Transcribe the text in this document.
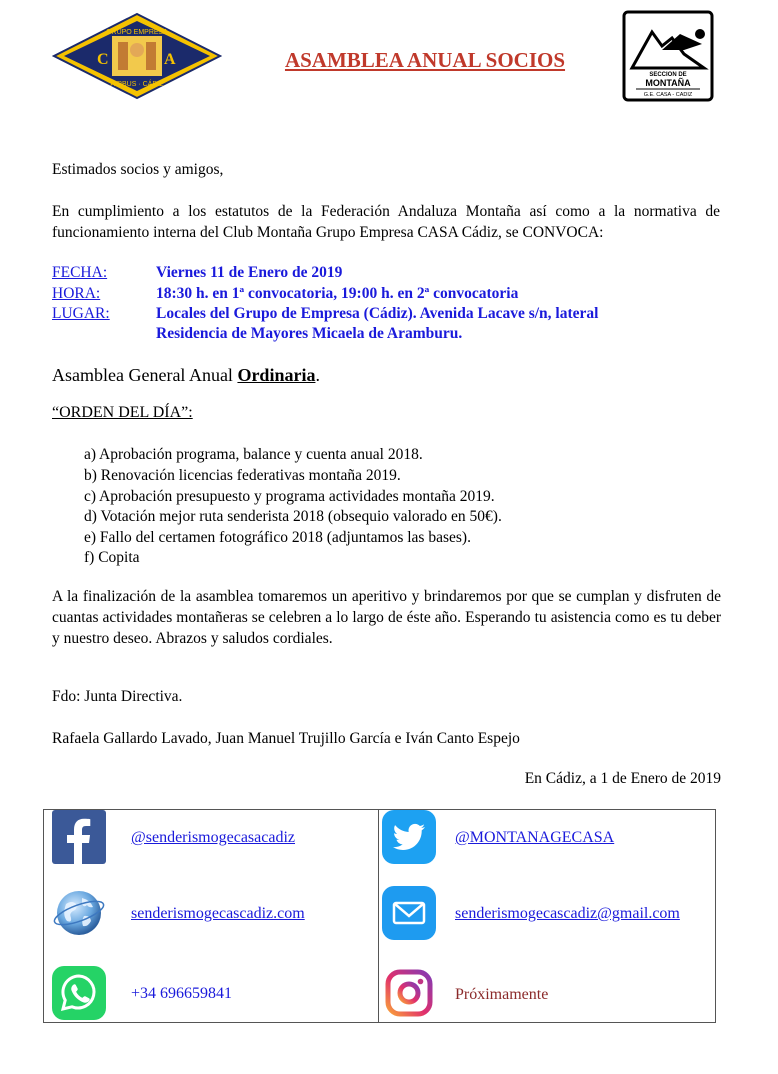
GRUPO EMPRESA
C	A
AIRBUS · CÁDIZ
ASAMBLEA ANUAL SOCIOS
SECCION DE
MONTAÑA
G.E. CASA - CADIZ
Estimados socios y amigos,
En cumplimiento a los estatutos de la Federación Andaluza Montaña así como a la normativa de funcionamiento interna del Club Montaña Grupo Empresa CASA Cádiz, se CONVOCA:
FECHA:	Viernes 11 de Enero de 2019
HORA:	18:30 h. en 1ª convocatoria, 19:00 h. en 2ª convocatoria
LUGAR:	Locales del Grupo de Empresa (Cádiz). Avenida Lacave s/n, lateral
Residencia de Mayores Micaela de Aramburu.
Asamblea General Anual Ordinaria.
“ORDEN DEL DÍA”:
a) Aprobación programa, balance y cuenta anual 2018.
b) Renovación licencias federativas montaña 2019.
c) Aprobación presupuesto y programa actividades montaña 2019.
d) Votación mejor ruta senderista 2018 (obsequio valorado en 50€).
e) Fallo del certamen fotográfico 2018 (adjuntamos las bases).
f) Copita
A la finalización de la asamblea tomaremos un aperitivo y brindaremos por que se cumplan y disfruten de cuantas actividades montañeras se celebren a lo largo de éste año. Esperando tu asistencia como es tu deber y nuestro deseo. Abrazos y saludos cordiales.
Fdo: Junta Directiva.
Rafaela Gallardo Lavado, Juan Manuel Trujillo García e Iván Canto Espejo
En Cádiz, a 1 de Enero de 2019
@senderismogecasacadiz	@MONTANAGECASA
senderismogecascadiz.com	senderismogecascadiz@gmail.com
+34 696659841	Próximamente
